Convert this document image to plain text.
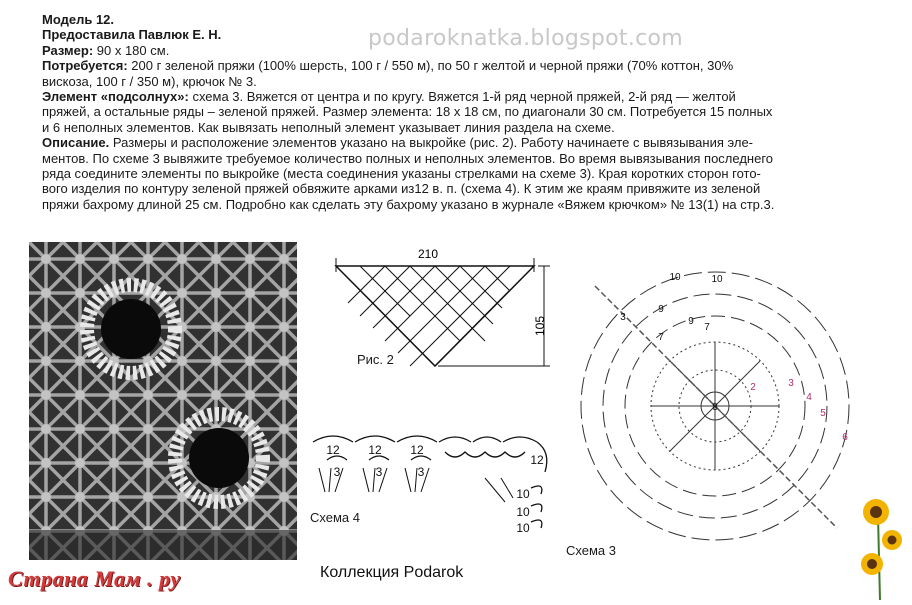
podaroknatka.blogspot.com

Модель 12.

Предоставила Павлюк Е. Н.

Размер: 90 х 180 см.

Потребуется: 200 г зеленой пряжи (100% шерсть, 100 г / 550 м), по 50 г желтой и черной пряжи (70% коттон, 30%

вискоза, 100 г / 350 м), крючок № 3.

Элемент «подсолнух»: схема 3. Вяжется от центра и по кругу. Вяжется 1-й ряд черной пряжей, 2-й ряд — желтой

пряжей, а остальные ряды – зеленой пряжей. Размер элемента: 18 х 18 см, по диагонали 30 см. Потребуется 15 полных

и 6 неполных элементов. Как вывязать неполный элемент указывает линия раздела на схеме.

Описание. Размеры и расположение элементов указано на выкройке (рис. 2). Работу начинаете с вывязывания эле-

ментов. По схеме 3 вывяжите требуемое количество полных и неполных элементов. Во время вывязывания последнего

ряда соедините элементы по выкройке (места соединения указаны стрелками на схеме 3). Края коротких сторон гото-

вого изделия по контуру зеленой пряжей обвяжите арками из12 в. п. (схема 4). К этим же краям привяжите из зеленой

пряжи бахрому длиной 25 см. Подробно как сделать эту бахрому указано в журнале «Вяжем крючком» № 13(1) на стр.3.

210
105
Рис. 2
12 12 12
3	3	3
12
10
10
10
Схема 4
8
10	10
9
9
7
7
3
2	3
4
5
6
Схема 3
Коллекция Podarok
Страна Мам . ру
